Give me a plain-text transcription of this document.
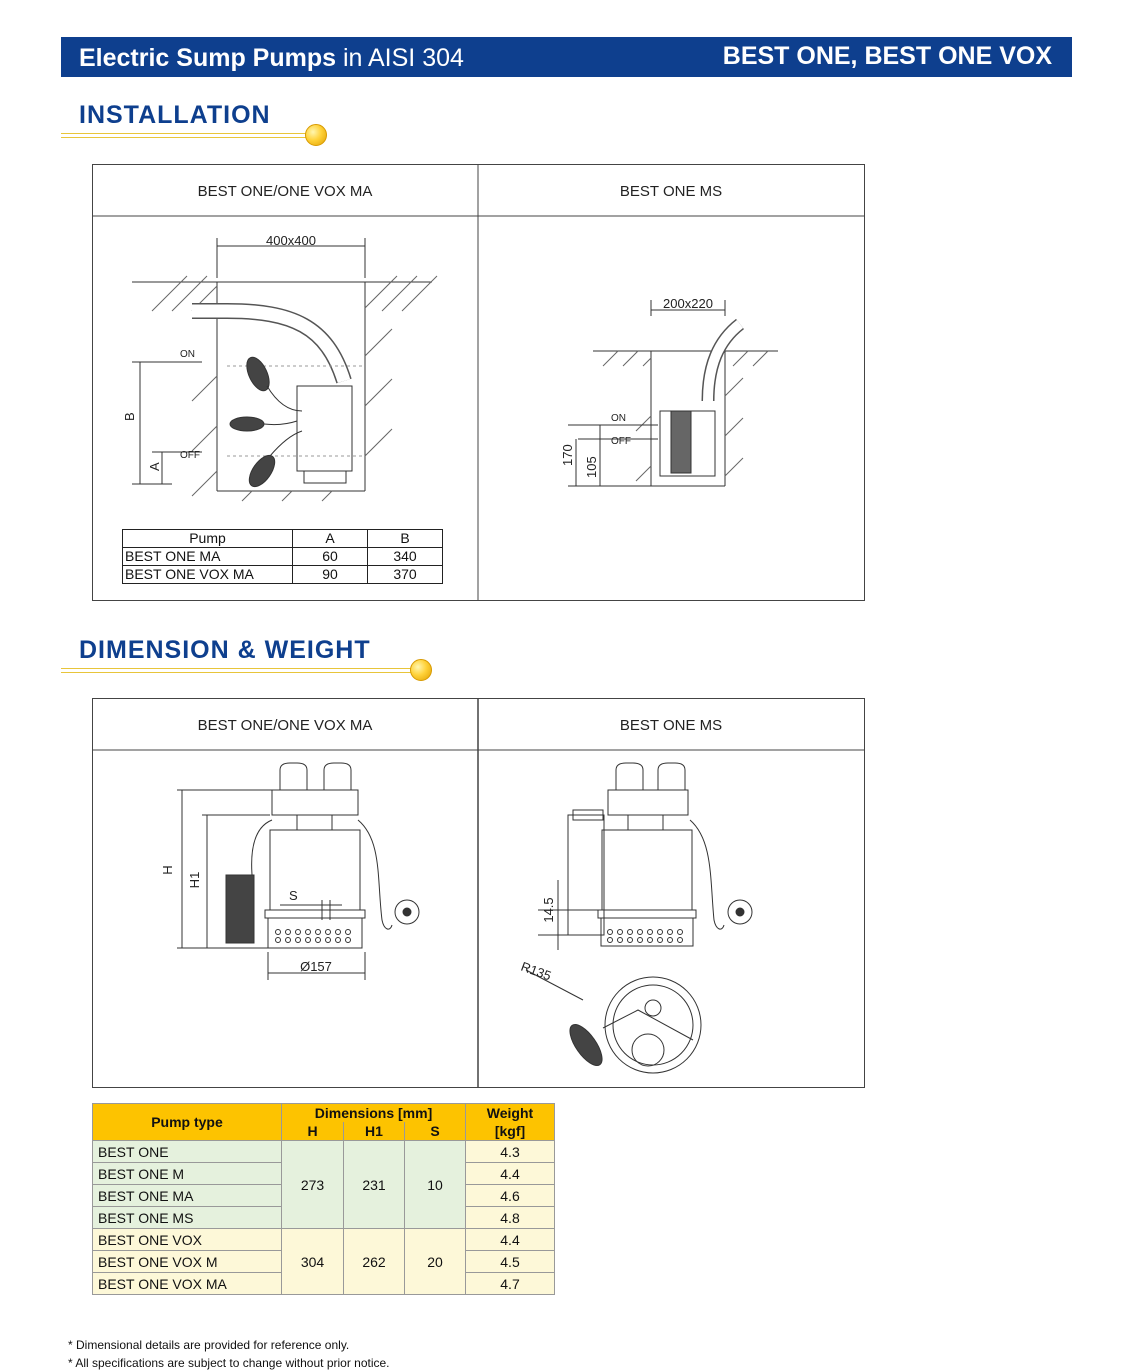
Electric Sump Pumps in AISI 304	BEST ONE, BEST ONE VOX
INSTALLATION
BEST ONE/ONE VOX MA	BEST ONE MS
400x400
ON
OFF
B
A
200x220
ON
OFF
170
105
Pump	A	B
BEST ONE MA	60	340
BEST ONE VOX MA	90	370
DIMENSION & WEIGHT
BEST ONE/ONE VOX MA	BEST ONE MS
H
H1
S
Ø157
14.5
R135
Pump type	Dimensions [mm]			Weight [kgf]
	H	H1	S	
BEST ONE	273	231	10	4.3
BEST ONE M				4.4
BEST ONE MA				4.6
BEST ONE MS				4.8
BEST ONE VOX	304	262	20	4.4
BEST ONE VOX M				4.5
BEST ONE VOX MA				4.7
* Dimensional details are provided for reference only.
* All specifications are subject to change without prior notice.
